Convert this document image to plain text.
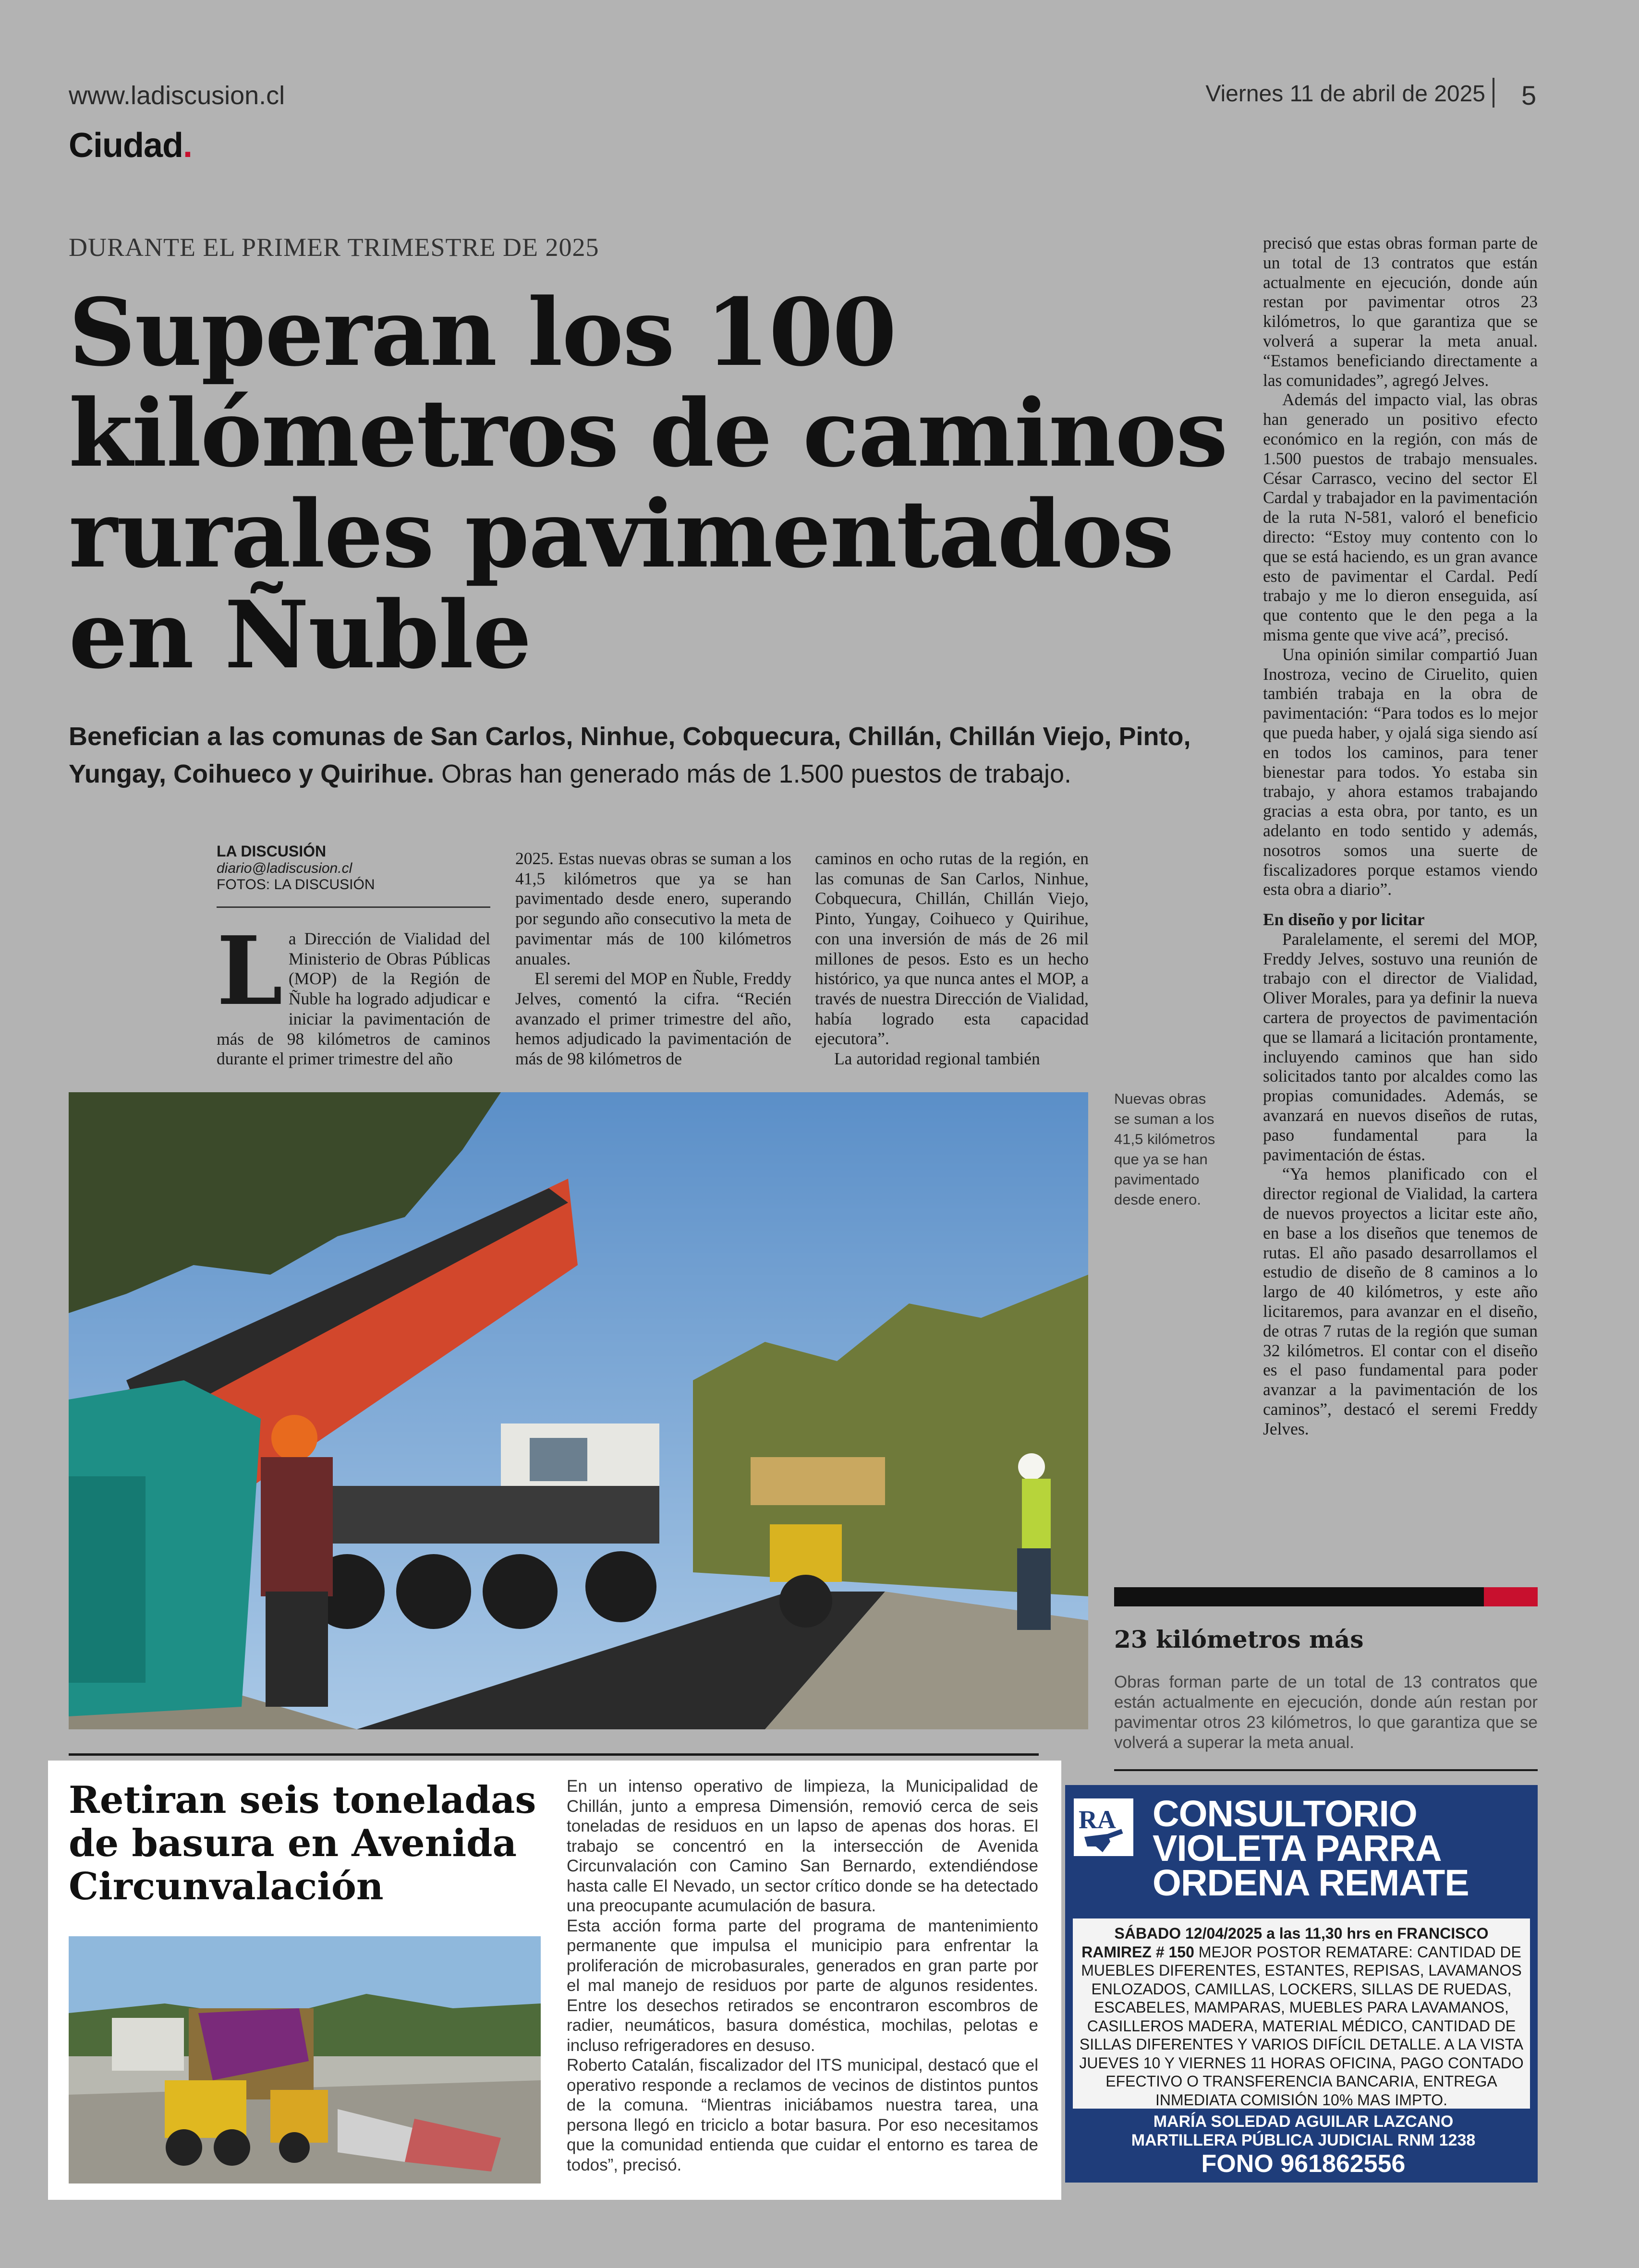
www.ladiscusion.cl
Ciudad.
Viernes 11 de abril de 2025 5
DURANTE EL PRIMER TRIMESTRE DE 2025
Superan los 100 kilómetros de caminos rurales pavimentados en Ñuble
Benefician a las comunas de San Carlos, Ninhue, Cobquecura, Chillán, Chillán Viejo, Pinto, Yungay, Coihueco y Quirihue. Obras han generado más de 1.500 puestos de trabajo.
LA DISCUSIÓN
diario@ladiscusion.cl
FOTOS: LA DISCUSIÓN
L a Dirección de Vialidad del Ministerio de Obras Públicas (MOP) de la Región de Ñuble ha logrado adjudicar e iniciar la pavimentación de más de 98 kilómetros de caminos durante el primer trimestre del año

2025. Estas nuevas obras se suman a los 41,5 kilómetros que ya se han pavimentado desde enero, superando por segundo año consecutivo la meta de pavimentar más de 100 kilómetros anuales.

El seremi del MOP en Ñuble, Freddy Jelves, comentó la cifra. “Recién avanzado el primer trimestre del año, hemos adjudicado la pavimentación de más de 98 kilómetros de

caminos en ocho rutas de la región, en las comunas de San Carlos, Ninhue, Cobquecura, Chillán, Chillán Viejo, Pinto, Yungay, Coihueco y Quirihue, con una inversión de más de 26 mil millones de pesos. Esto es un hecho histórico, ya que nunca antes el MOP, a través de nuestra Dirección de Vialidad, había logrado esta capacidad ejecutora”.

La autoridad regional también

precisó que estas obras forman parte de un total de 13 contratos que están actualmente en ejecución, donde aún restan por pavimentar otros 23 kilómetros, lo que garantiza que se volverá a superar la meta anual. “Estamos beneficiando directamente a las comunidades”, agregó Jelves.

Además del impacto vial, las obras han generado un positivo efecto económico en la región, con más de 1.500 puestos de trabajo mensuales. César Carrasco, vecino del sector El Cardal y trabajador en la pavimentación de la ruta N-581, valoró el beneficio directo: “Estoy muy contento con lo que se está haciendo, es un gran avance esto de pavimentar el Cardal. Pedí trabajo y me lo dieron enseguida, así que contento que le den pega a la misma gente que vive acá”, precisó.

Una opinión similar compartió Juan Inostroza, vecino de Ciruelito, quien también trabaja en la obra de pavimentación: “Para todos es lo mejor que pueda haber, y ojalá siga siendo así en todos los caminos, para tener bienestar para todos. Yo estaba sin trabajo, y ahora estamos trabajando gracias a esta obra, por tanto, es un adelanto en todo sentido y además, nosotros somos una suerte de fiscalizadores porque estamos viendo esta obra a diario”.

En diseño y por licitar

Paralelamente, el seremi del MOP, Freddy Jelves, sostuvo una reunión de trabajo con el director de Vialidad, Oliver Morales, para ya definir la nueva cartera de proyectos de pavimentación que se llamará a licitación prontamente, incluyendo caminos que han sido solicitados tanto por alcaldes como las propias comunidades. Además, se avanzará en nuevos diseños de rutas, paso fundamental para la pavimentación de éstas.

“Ya hemos planificado con el director regional de Vialidad, la cartera de nuevos proyectos a licitar este año, en base a los diseños que tenemos de rutas. El año pasado desarrollamos el estudio de diseño de 8 caminos a lo largo de 40 kilómetros, y este año licitaremos, para avanzar en el diseño, de otras 7 rutas de la región que suman 32 kilómetros. El contar con el diseño es el paso fundamental para poder avanzar a la pavimentación de los caminos”, destacó el seremi Freddy Jelves.

Nuevas obras se suman a los 41,5 kilómetros que ya se han pavimentado desde enero.
23 kilómetros más
Obras forman parte de un total de 13 contratos que están actualmente en ejecución, donde aún restan por pavimentar otros 23 kilómetros, lo que garantiza que se volverá a superar la meta anual.
Retiran seis toneladas de basura en Avenida Circunvalación

En un intenso operativo de limpieza, la Municipalidad de Chillán, junto a empresa Dimensión, removió cerca de seis toneladas de residuos en un lapso de apenas dos horas. El trabajo se concentró en la intersección de Avenida Circunvalación con Camino San Bernardo, extendiéndose hasta calle El Nevado, un sector crítico donde se ha detectado una preocupante acumulación de basura.

Esta acción forma parte del programa de mantenimiento permanente que impulsa el municipio para enfrentar la proliferación de microbasurales, generados en gran parte por el mal manejo de residuos por parte de algunos residentes. Entre los desechos retirados se encontraron escombros de radier, neumáticos, basura doméstica, mochilas, pelotas e incluso refrigeradores en desuso.

Roberto Catalán, fiscalizador del ITS municipal, destacó que el operativo responde a reclamos de vecinos de distintos puntos de la comuna. “Mientras iniciábamos nuestra tarea, una persona llegó en triciclo a botar basura. Por eso necesitamos que la comunidad entienda que cuidar el entorno es tarea de todos”, precisó.

RA CONSULTORIO VIOLETA PARRA ORDENA REMATE
SÁBADO 12/04/2025 a las 11,30 hrs en FRANCISCO RAMIREZ # 150 MEJOR POSTOR REMATARE: CANTIDAD DE MUEBLES DIFERENTES, ESTANTES, REPISAS, LAVAMANOS ENLOZADOS, CAMILLAS, LOCKERS, SILLAS DE RUEDAS, ESCABELES, MAMPARAS, MUEBLES PARA LAVAMANOS, CASILLEROS MADERA, MATERIAL MÉDICO, CANTIDAD DE SILLAS DIFERENTES Y VARIOS DIFÍCIL DETALLE. A LA VISTA JUEVES 10 Y VIERNES 11 HORAS OFICINA, PAGO CONTADO EFECTIVO O TRANSFERENCIA BANCARIA, ENTREGA INMEDIATA COMISIÓN 10% MAS IMPTO.
MARÍA SOLEDAD AGUILAR LAZCANO
MARTILLERA PÚBLICA JUDICIAL RNM 1238
FONO 961862556
